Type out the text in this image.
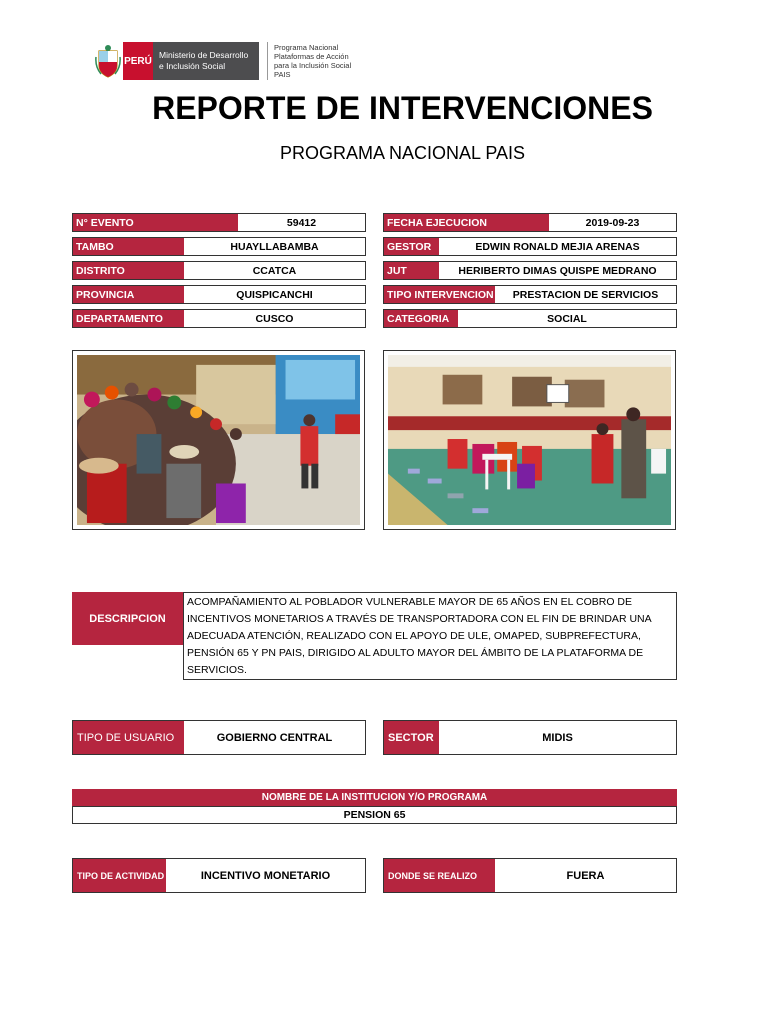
PERÚ
Ministerio de Desarrollo
e Inclusión Social
Programa Nacional
Plataformas de Acción
para la Inclusión Social
PAIS
REPORTE DE INTERVENCIONES
PROGRAMA NACIONAL PAIS
N° EVENTO	59412
TAMBO	HUAYLLABAMBA
DISTRITO	CCATCA
PROVINCIA	QUISPICANCHI
DEPARTAMENTO	CUSCO
FECHA EJECUCION	2019-09-23
GESTOR	EDWIN RONALD MEJIA ARENAS
JUT	HERIBERTO DIMAS QUISPE MEDRANO
TIPO INTERVENCION	PRESTACION DE SERVICIOS
CATEGORIA	SOCIAL
DESCRIPCION
ACOMPAÑAMIENTO AL POBLADOR VULNERABLE MAYOR DE 65 AÑOS EN EL COBRO DE INCENTIVOS MONETARIOS A TRAVÉS DE TRANSPORTADORA CON EL FIN DE BRINDAR UNA ADECUADA ATENCIÓN, REALIZADO CON EL APOYO DE ULE, OMAPED, SUBPREFECTURA, PENSIÓN 65 Y PN PAIS, DIRIGIDO AL ADULTO MAYOR DEL ÁMBITO DE LA PLATAFORMA DE SERVICIOS.
TIPO DE USUARIO	GOBIERNO CENTRAL	SECTOR	MIDIS
NOMBRE DE LA INSTITUCION Y/O PROGRAMA
PENSION 65
TIPO DE ACTIVIDAD	INCENTIVO MONETARIO	DONDE SE REALIZO	FUERA
